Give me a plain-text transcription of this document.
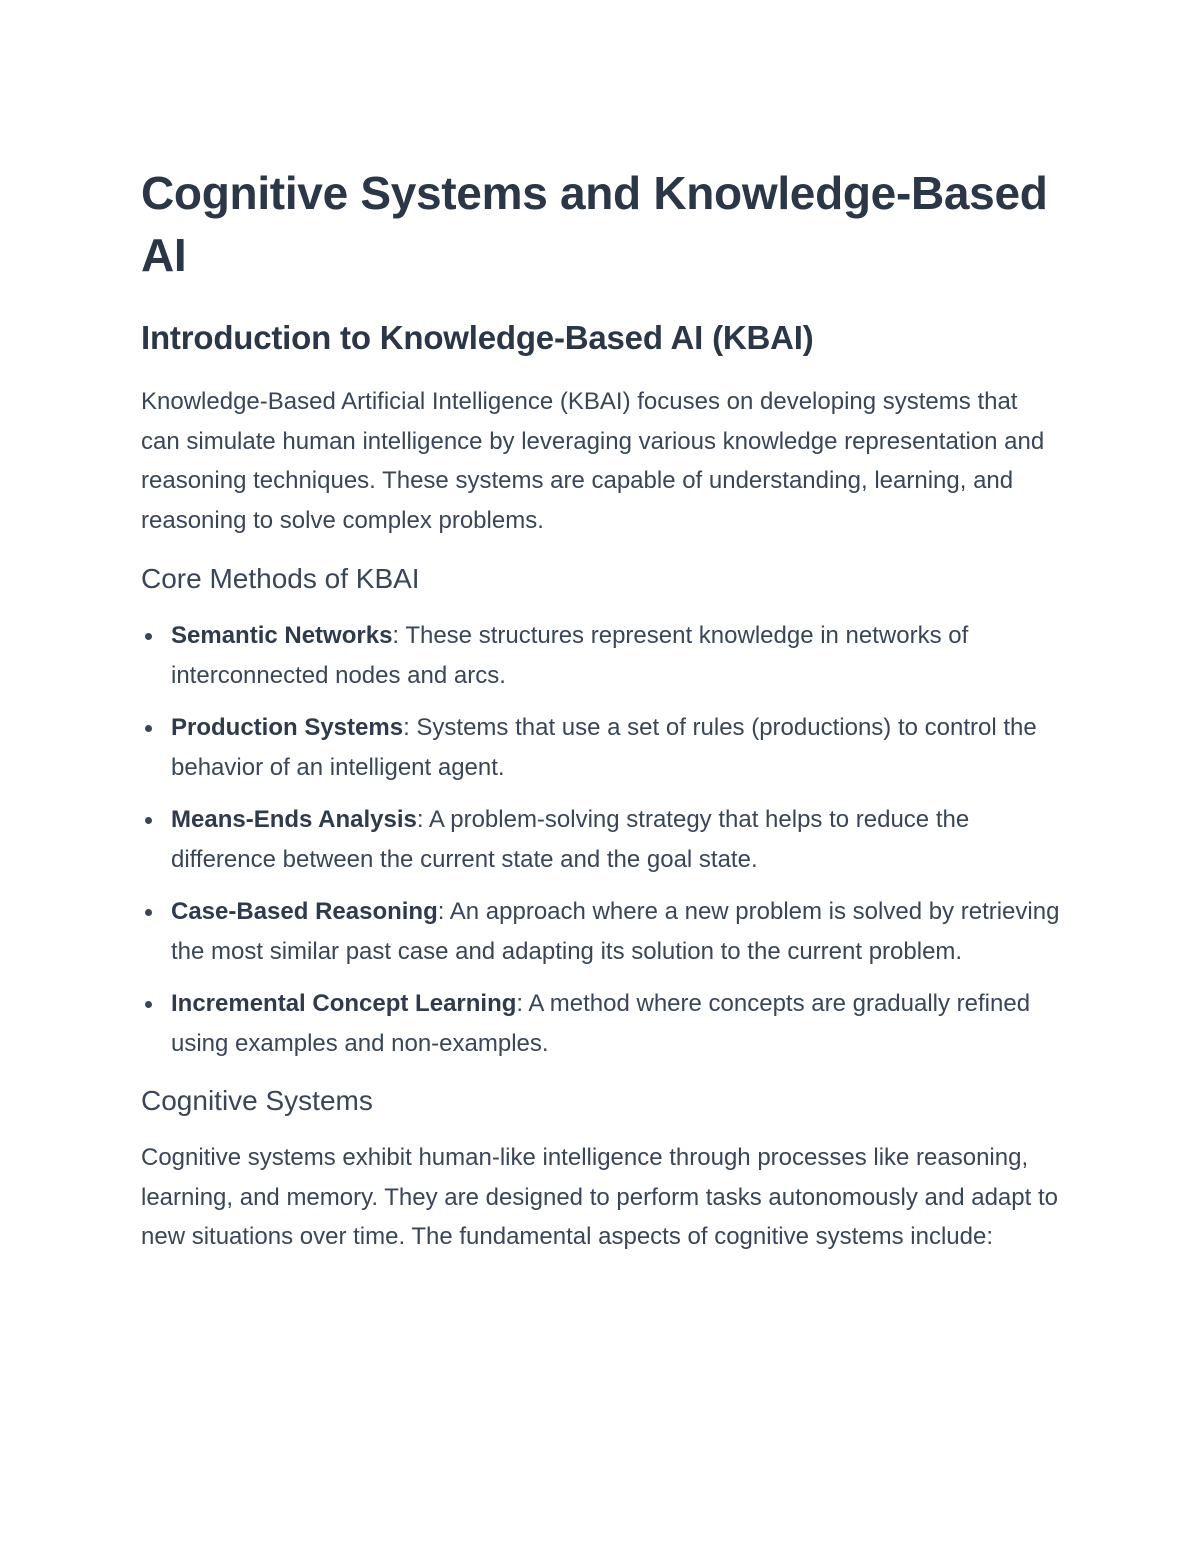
Cognitive Systems and Knowledge-Based AI
Introduction to Knowledge-Based AI (KBAI)

Knowledge-Based Artificial Intelligence (KBAI) focuses on developing systems that can simulate human intelligence by leveraging various knowledge representation and reasoning techniques. These systems are capable of understanding, learning, and reasoning to solve complex problems.

Core Methods of KBAI
Semantic Networks: These structures represent knowledge in networks of interconnected nodes and arcs.
Production Systems: Systems that use a set of rules (productions) to control the behavior of an intelligent agent.
Means-Ends Analysis: A problem-solving strategy that helps to reduce the difference between the current state and the goal state.
Case-Based Reasoning: An approach where a new problem is solved by retrieving the most similar past case and adapting its solution to the current problem.
Incremental Concept Learning: A method where concepts are gradually refined using examples and non-examples.
Cognitive Systems

Cognitive systems exhibit human-like intelligence through processes like reasoning, learning, and memory. They are designed to perform tasks autonomously and adapt to new situations over time. The fundamental aspects of cognitive systems include:
